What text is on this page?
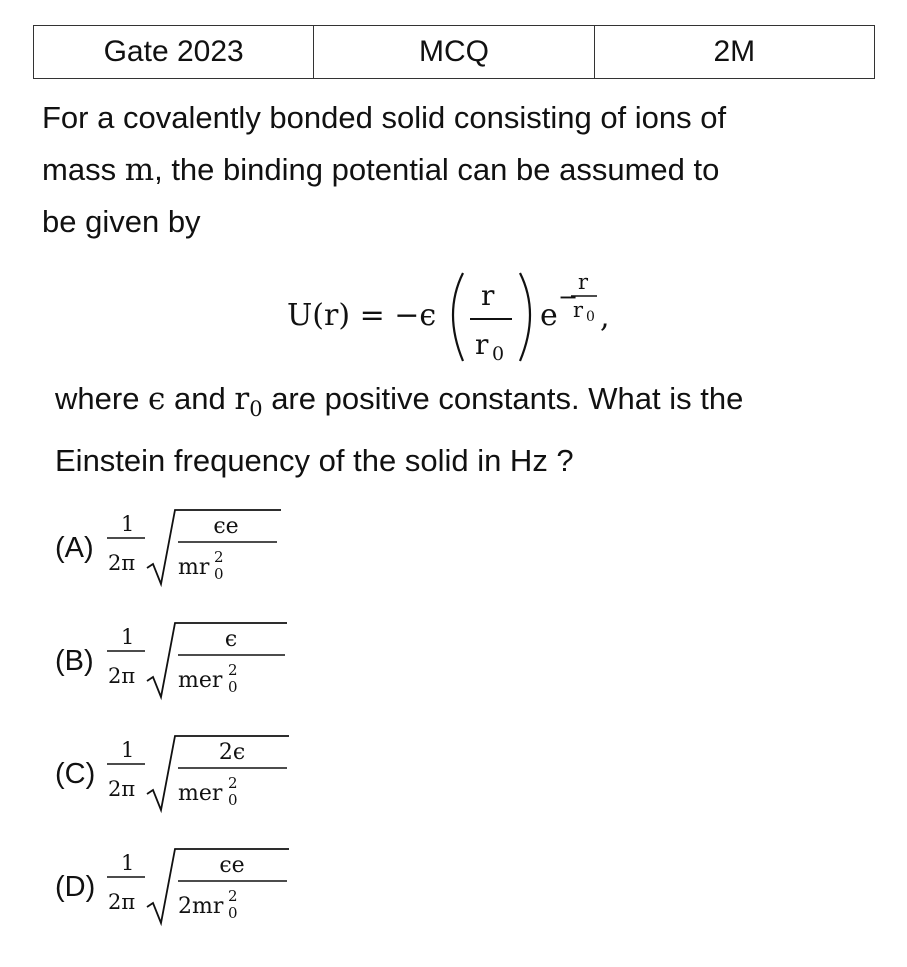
Gate 2023	MCQ	2M
For a covalently bonded solid consisting of ions of
mass m, the binding potential can be assumed to
be given by
U(r) = −ϵ
r
r 0
e
−
r
r 0 ,
where ϵ and $r_0$ are positive constants. What is the
Einstein frequency of the solid in Hz ?
(A)
1
2π
ϵe
mr 2
0
(B)
1
2π
ϵ
mer 2
0
(C)
1
2π
2ϵ
mer 2
0
(D)
1
2π
ϵe
2mr 2
0
